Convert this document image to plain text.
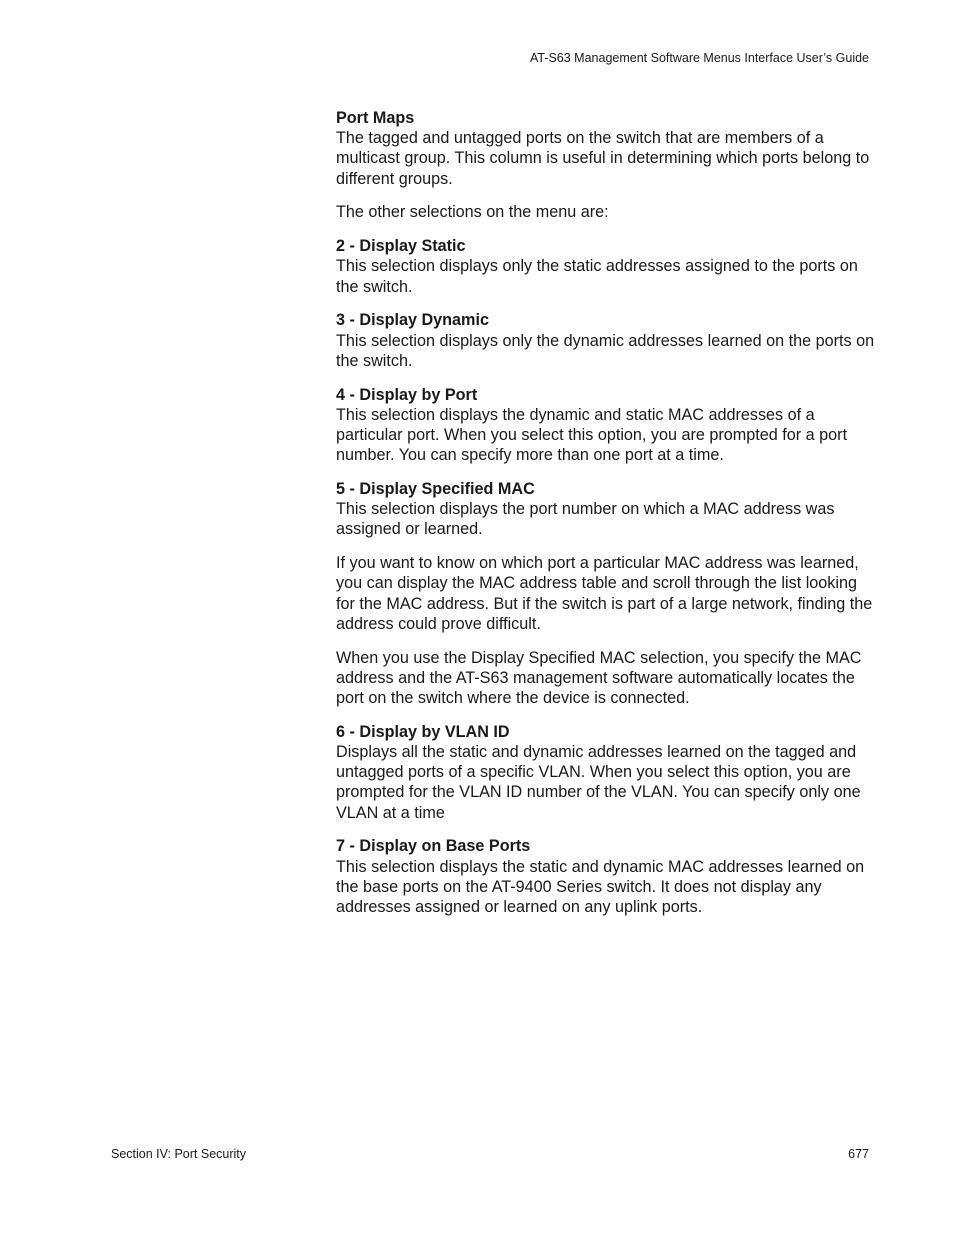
AT-S63 Management Software Menus Interface User’s Guide
Port Maps

The tagged and untagged ports on the switch that are members of a multicast group. This column is useful in determining which ports belong to different groups.

The other selections on the menu are:

2 - Display Static

This selection displays only the static addresses assigned to the ports on the switch.

3 - Display Dynamic

This selection displays only the dynamic addresses learned on the ports on the switch.

4 - Display by Port

This selection displays the dynamic and static MAC addresses of a particular port. When you select this option, you are prompted for a port number. You can specify more than one port at a time.

5 - Display Specified MAC

This selection displays the port number on which a MAC address was assigned or learned.

If you want to know on which port a particular MAC address was learned, you can display the MAC address table and scroll through the list looking for the MAC address. But if the switch is part of a large network, finding the address could prove difficult.

When you use the Display Specified MAC selection, you specify the MAC address and the AT-S63 management software automatically locates the port on the switch where the device is connected.

6 - Display by VLAN ID

Displays all the static and dynamic addresses learned on the tagged and untagged ports of a specific VLAN. When you select this option, you are prompted for the VLAN ID number of the VLAN. You can specify only one VLAN at a time

7 - Display on Base Ports

This selection displays the static and dynamic MAC addresses learned on the base ports on the AT-9400 Series switch. It does not display any addresses assigned or learned on any uplink ports.

Section IV: Port Security	677
